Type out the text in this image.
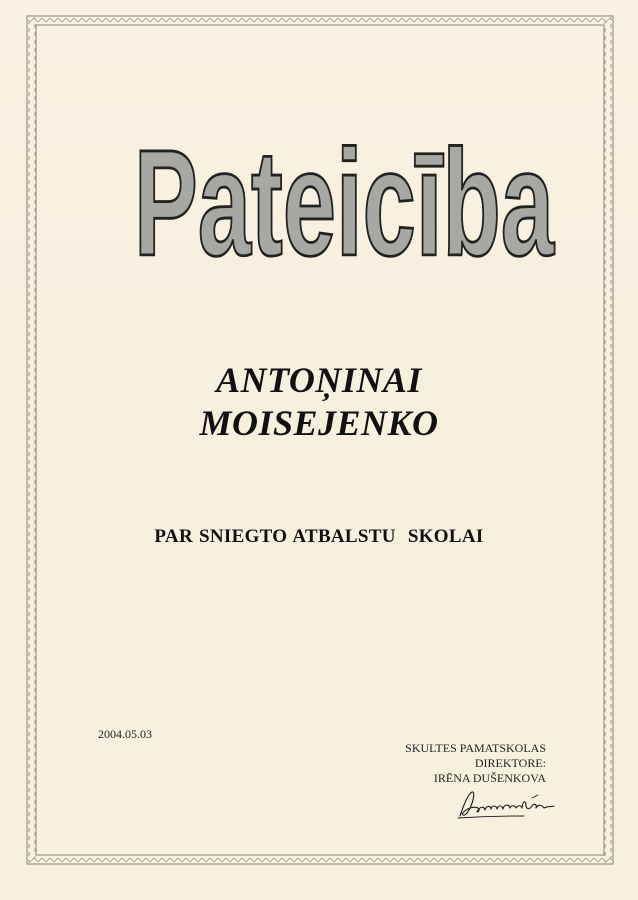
Pateicība
ANTOŅINAI
MOISEJENKO
PAR SNIEGTO ATBALSTU  SKOLAI
2004.05.03
SKULTES PAMATSKOLAS
DIREKTORE:
IRĒNA DUŠENKOVA
